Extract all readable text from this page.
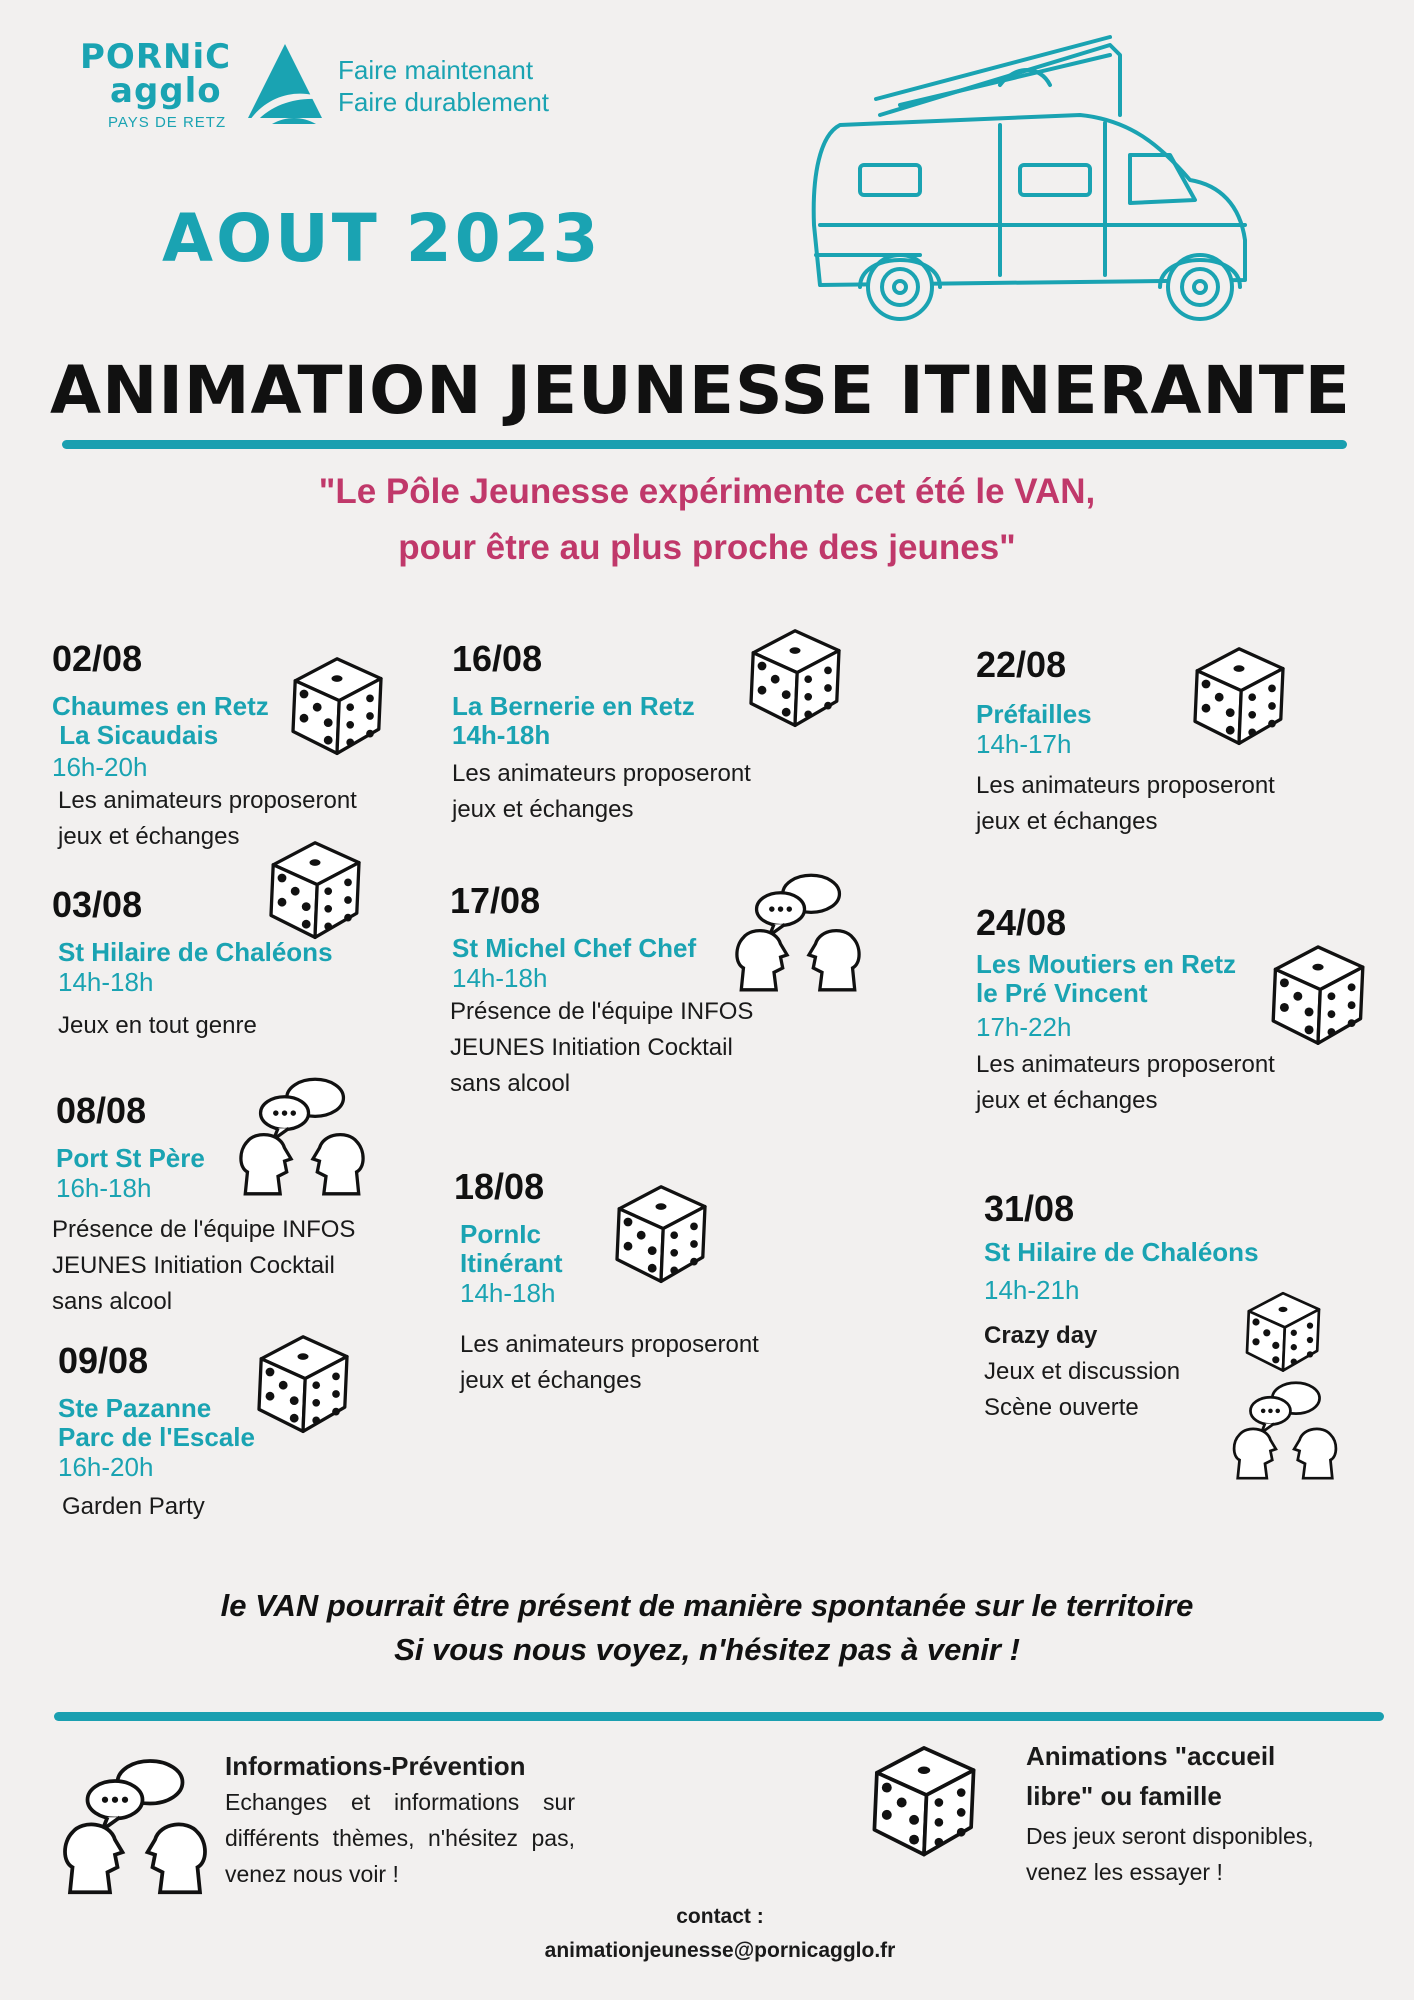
PORNiC
agglo
PAYS DE RETZ
Faire maintenant
Faire durablement
AOUT 2023
ANIMATION JEUNESSE ITINERANTE
"Le Pôle Jeunesse expérimente cet été le VAN,
pour être au plus proche des jeunes"
02/08
Chaumes en Retz
La Sicaudais
16h-20h
Les animateurs proposeront
jeux et échanges
03/08
St Hilaire de Chaléons
14h-18h
Jeux en tout genre
08/08
Port St Père
16h-18h
Présence de l'équipe INFOS
JEUNES Initiation Cocktail
sans alcool
09/08
Ste Pazanne
Parc de l'Escale
16h-20h
Garden Party
16/08
La Bernerie en Retz
14h-18h
Les animateurs proposeront
jeux et échanges
17/08
St Michel Chef Chef
14h-18h
Présence de l'équipe INFOS
JEUNES Initiation Cocktail
sans alcool
18/08
PornIc
Itinérant
14h-18h
Les animateurs proposeront
jeux et échanges
22/08
Préfailles
14h-17h
Les animateurs proposeront
jeux et échanges
24/08
Les Moutiers en Retz
le Pré Vincent
17h-22h
Les animateurs proposeront
jeux et échanges
31/08
St Hilaire de Chaléons
14h-21h
Crazy day
Jeux et discussion
Scène ouverte
le VAN pourrait être présent de manière spontanée sur le territoire
Si vous nous voyez, n'hésitez pas à venir !
Informations-Prévention
Echanges et informations sur différents thèmes, n'hésitez pas, venez nous voir !
Animations "accueil
libre" ou famille
Des jeux seront disponibles,
venez les essayer !
contact :
animationjeunesse@pornicagglo.fr
